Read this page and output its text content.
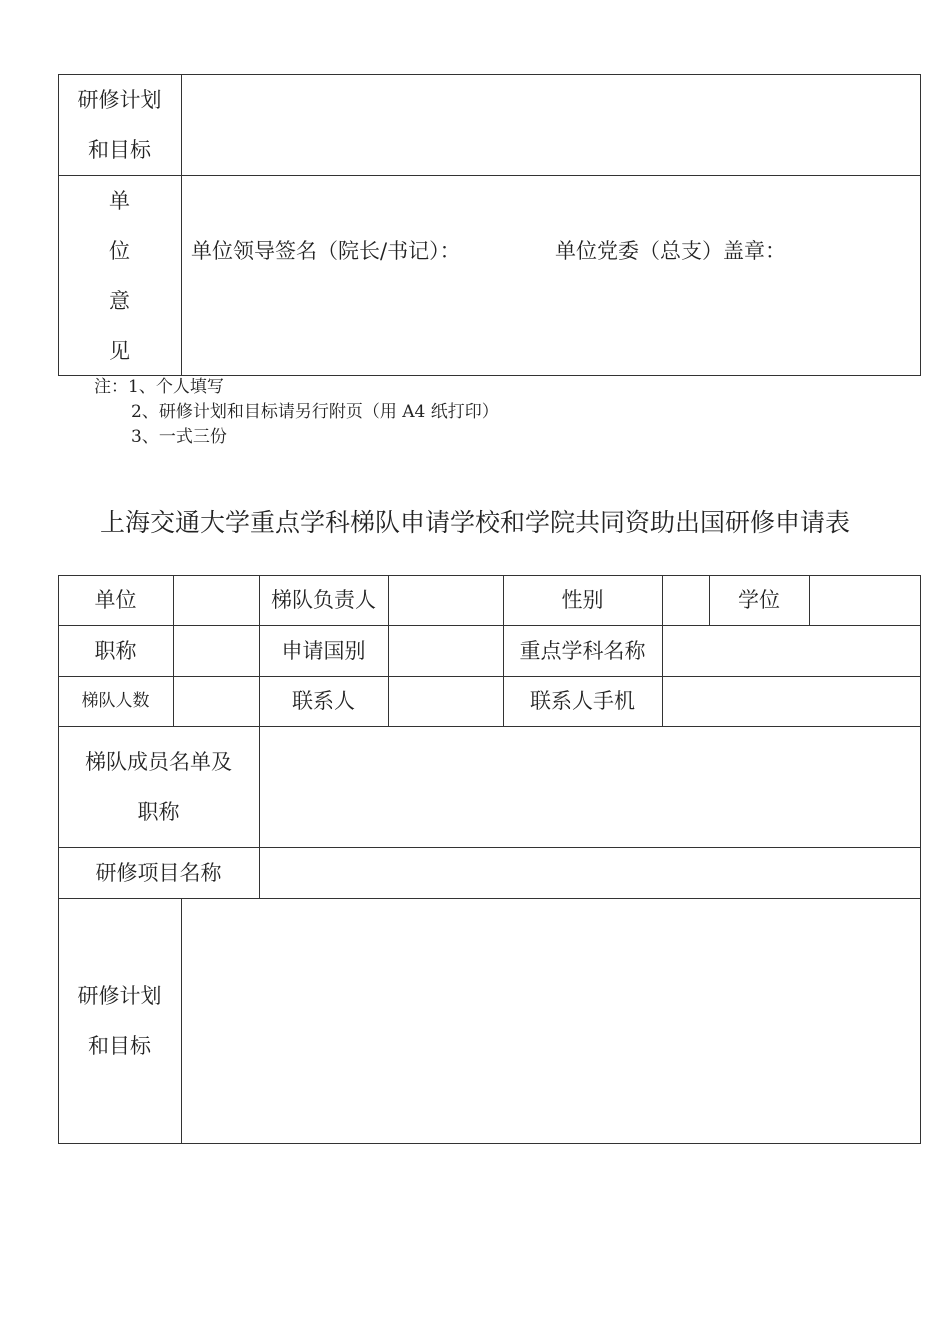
研修计划
和目标
单
位
意
见
单位领导签名（院长/书记）：	单位党委（总支）盖章：
注：1、个人填写
2、研修计划和目标请另行附页（用 A4 纸打印）
3、一式三份
上海交通大学重点学科梯队申请学校和学院共同资助出国研修申请表
单位	梯队负责人	性别	学位
职称	申请国别	重点学科名称
梯队人数	联系人	联系人手机
梯队成员名单及
职称
研修项目名称
研修计划
和目标
